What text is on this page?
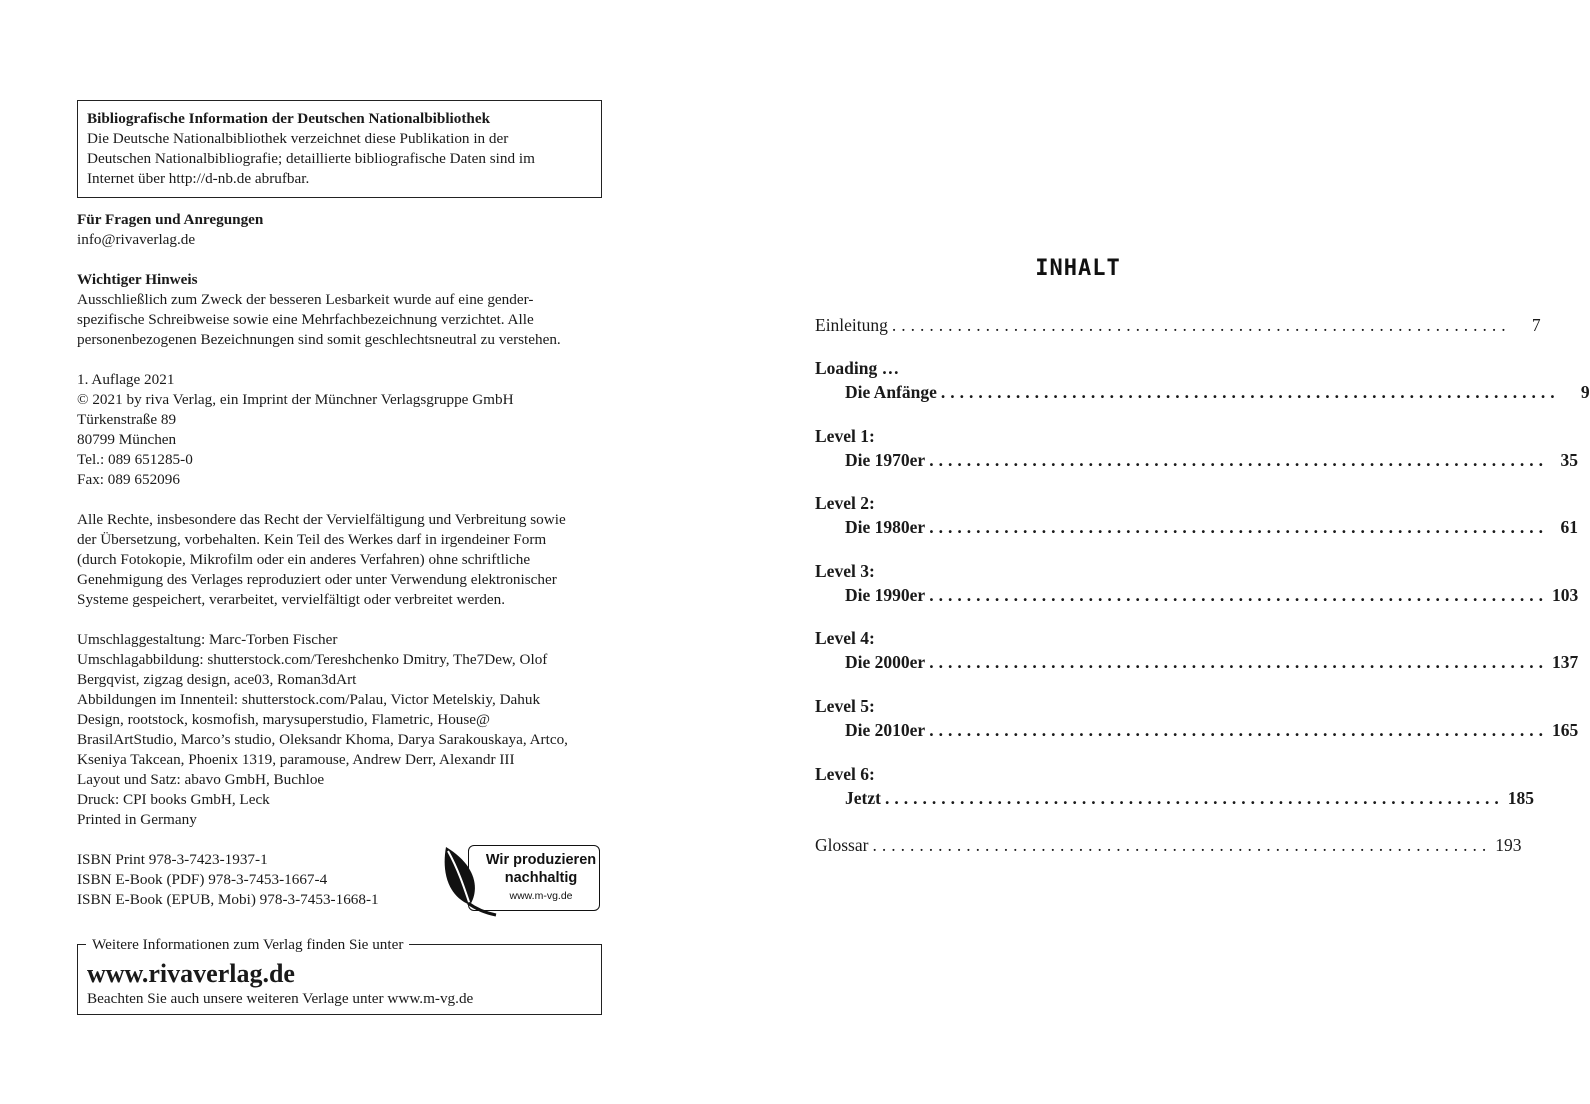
Bibliografische Information der Deutschen Nationalbibliothek

Die Deutsche Nationalbibliothek verzeichnet diese Publikation in der

Deutschen Nationalbibliografie; detaillierte bibliografische Daten sind im

Internet über http://d-nb.de abrufbar.

Für Fragen und Anregungen

info@rivaverlag.de

Wichtiger Hinweis

Ausschließlich zum Zweck der besseren Lesbarkeit wurde auf eine gender-

spezifische Schreibweise sowie eine Mehrfachbezeichnung verzichtet. Alle

personenbezogenen Bezeichnungen sind somit geschlechtsneutral zu verstehen.

1. Auflage 2021

© 2021 by riva Verlag, ein Imprint der Münchner Verlagsgruppe GmbH

Türkenstraße 89

80799 München

Tel.: 089 651285-0

Fax: 089 652096

Alle Rechte, insbesondere das Recht der Vervielfältigung und Verbreitung sowie

der Übersetzung, vorbehalten. Kein Teil des Werkes darf in irgendeiner Form

(durch Fotokopie, Mikrofilm oder ein anderes Verfahren) ohne schriftliche

Genehmigung des Verlages reproduziert oder unter Verwendung elektronischer

Systeme gespeichert, verarbeitet, vervielfältigt oder verbreitet werden.

Umschlaggestaltung: Marc-Torben Fischer

Umschlagabbildung: shutterstock.com/Tereshchenko Dmitry, The7Dew, Olof

Bergqvist, zigzag design, ace03, Roman3dArt

Abbildungen im Innenteil: shutterstock.com/Palau, Victor Metelskiy, Dahuk

Design, rootstock, kosmofish, marysuperstudio, Flametric, House@

BrasilArtStudio, Marco’s studio, Oleksandr Khoma, Darya Sarakouskaya, Artco,

Kseniya Takcean, Phoenix 1319, paramouse, Andrew Derr, Alexandr III

Layout und Satz: abavo GmbH, Buchloe

Druck: CPI books GmbH, Leck

Printed in Germany

ISBN Print 978-3-7423-1937-1

ISBN E-Book (PDF) 978-3-7453-1667-4

ISBN E-Book (EPUB, Mobi) 978-3-7453-1668-1

Wir produzieren
nachhaltig
www.m-vg.de
Weitere Informationen zum Verlag finden Sie unter
www.rivaverlag.de

Beachten Sie auch unsere weiteren Verlage unter www.m-vg.de

INHALT
Einleitung ..................................................................	7
Loading …
Die Anfänge ..................................................................	9
Level 1:
Die 1970er .................................................................. 35
Level 2:
Die 1980er .................................................................. 61
Level 3:
Die 1990er .................................................................. 103
Level 4:
Die 2000er .................................................................. 137
Level 5:
Die 2010er .................................................................. 165
Level 6:
Jetzt .................................................................. 185
Glossar .................................................................. 193
